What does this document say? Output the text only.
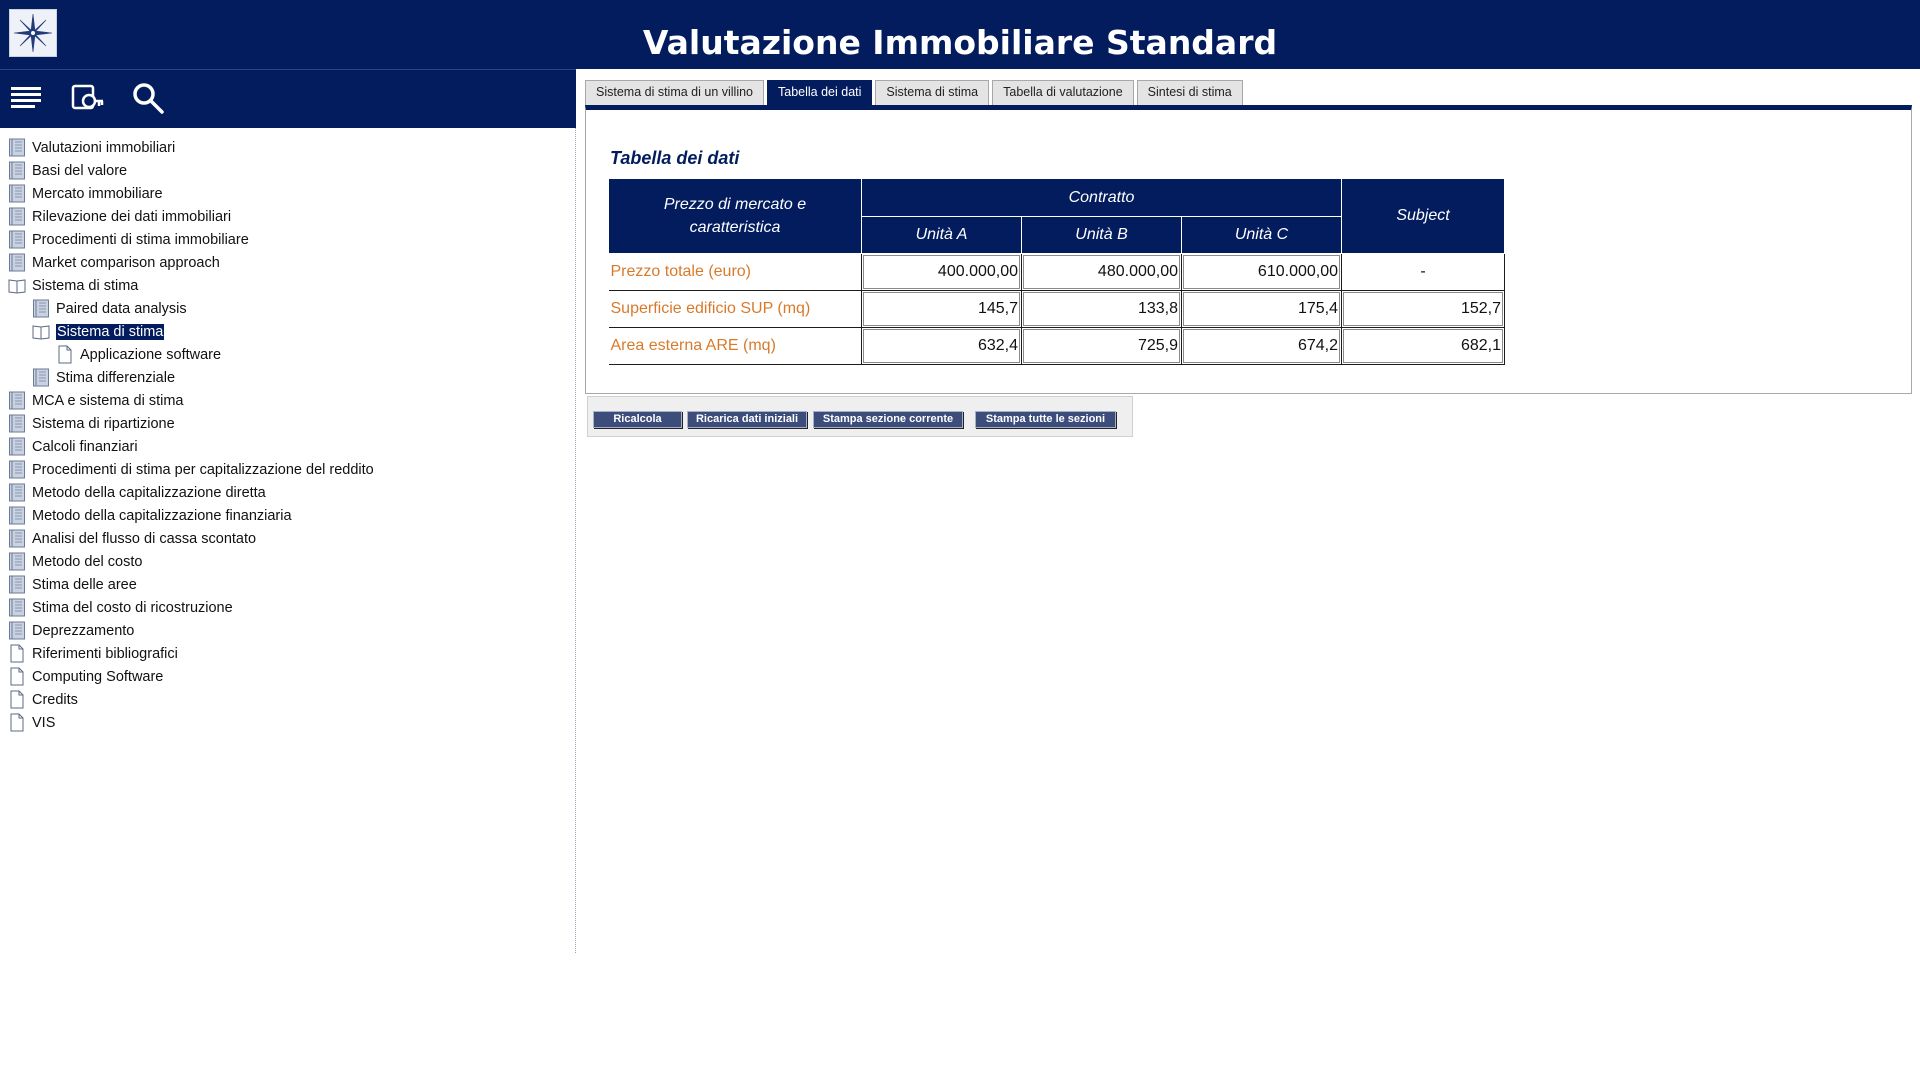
Valutazione Immobiliare Standard
Valutazioni immobiliari
Basi del valore
Mercato immobiliare
Rilevazione dei dati immobiliari
Procedimenti di stima immobiliare
Market comparison approach
Sistema di stima
Paired data analysis
Sistema di stima
Applicazione software
Stima differenziale
MCA e sistema di stima
Sistema di ripartizione
Calcoli finanziari
Procedimenti di stima per capitalizzazione del reddito
Metodo della capitalizzazione diretta
Metodo della capitalizzazione finanziaria
Analisi del flusso di cassa scontato
Metodo del costo
Stima delle aree
Stima del costo di ricostruzione
Deprezzamento
Riferimenti bibliografici
Computing Software
Credits
VIS
Sistema di stima di un villino	Tabella dei dati	Sistema di stima	Tabella di valutazione	Sintesi di stima
Tabella dei dati
Prezzo di mercato e caratteristica	Contratto			Subject
	Unità A	Unità B	Unità C	
Prezzo totale (euro)	400.000,00	480.000,00	610.000,00	-
Superficie edificio SUP (mq)	145,7	133,8	175,4	152,7
Area esterna ARE (mq)	632,4	725,9	674,2	682,1
Ricalcola	Ricarica dati iniziali	Stampa sezione corrente	Stampa tutte le sezioni
